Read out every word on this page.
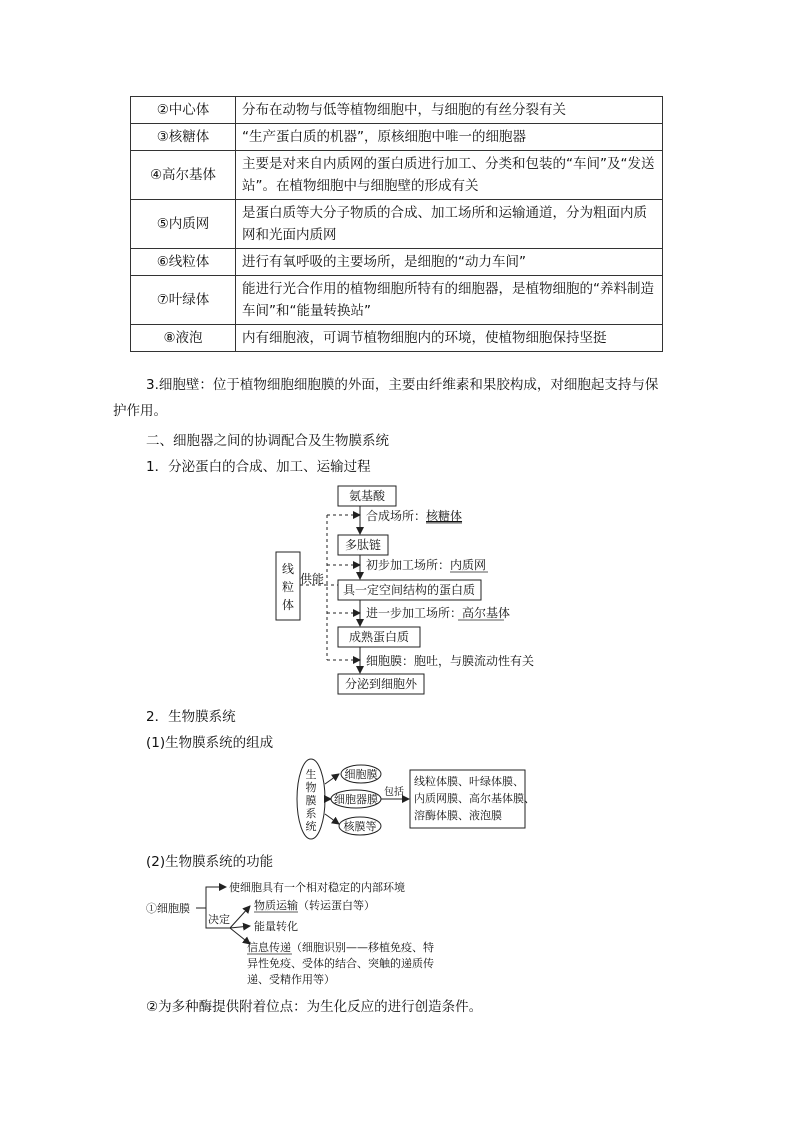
②中心体	分布在动物与低等植物细胞中，与细胞的有丝分裂有关
③核糖体	“生产蛋白质的机器”，原核细胞中唯一的细胞器
④高尔基体	主要是对来自内质网的蛋白质进行加工、分类和包装的“车间”及“发送站”。在植物细胞中与细胞壁的形成有关
⑤内质网	是蛋白质等大分子物质的合成、加工场所和运输通道，分为粗面内质网和光面内质网
⑥线粒体	进行有氧呼吸的主要场所，是细胞的“动力车间”
⑦叶绿体	能进行光合作用的植物细胞所特有的细胞器，是植物细胞的“养料制造车间”和“能量转换站”
⑧液泡	内有细胞液，可调节植物细胞内的环境，使植物细胞保持坚挺
3.细胞壁：位于植物细胞细胞膜的外面，主要由纤维素和果胶构成，对细胞起支持与保
护作用。
二、细胞器之间的协调配合及生物膜系统
1．分泌蛋白的合成、加工、运输过程
线
粒
体
供能
氨基酸
多肽链
具一定空间结构的蛋白质
成熟蛋白质
分泌到细胞外
合成场所：核糖体
初步加工场所：内质网
进一步加工场所：高尔基体
细胞膜：胞吐，与膜流动性有关
2．生物膜系统
(1)生物膜系统的组成
生
物
膜
系
统
细胞膜
细胞器膜
核膜等
包括
线粒体膜、叶绿体膜、
内质网膜、高尔基体膜、
溶酶体膜、液泡膜
(2)生物膜系统的功能
①细胞膜
使细胞具有一个相对稳定的内部环境
决定
物质运输（转运蛋白等）
能量转化
信息传递（细胞识别——移植免疫、特
异性免疫、受体的结合、突触的递质传
递、受精作用等）
②为多种酶提供附着位点：为生化反应的进行创造条件。
